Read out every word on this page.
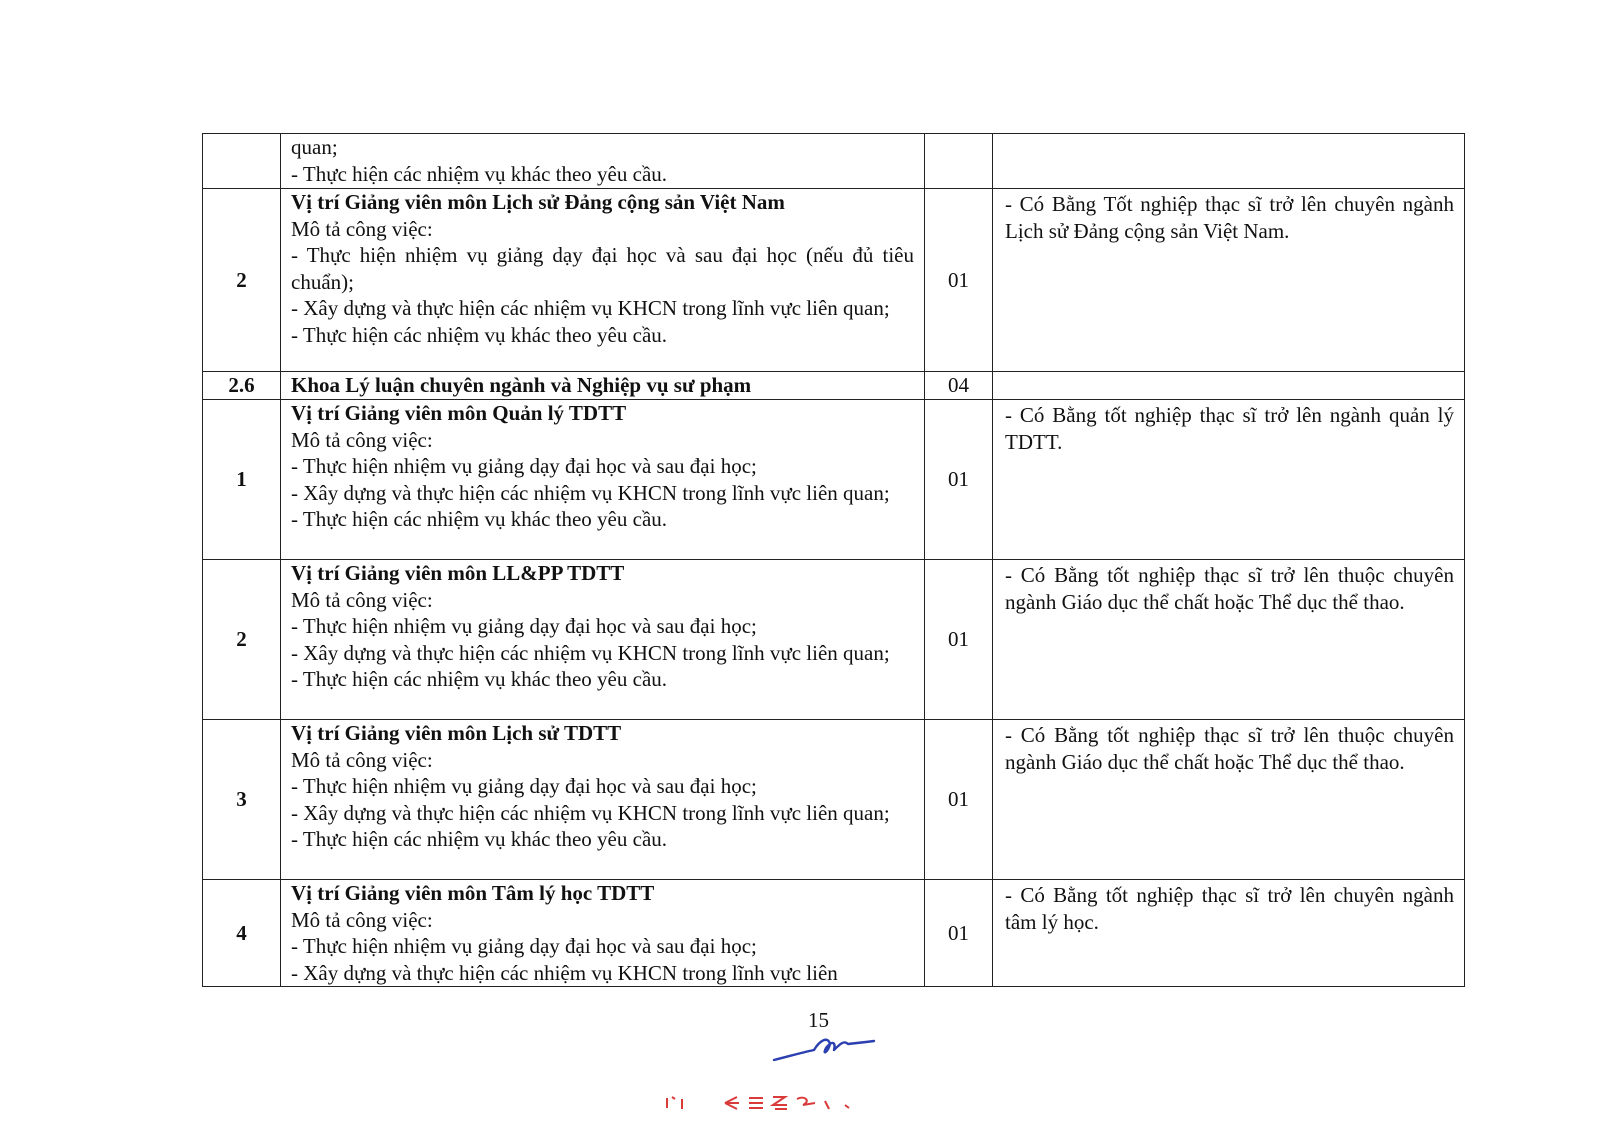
	quan;
- Thực hiện các nhiệm vụ khác theo yêu cầu.		

2	Vị trí Giảng viên môn Lịch sử Đảng cộng sản Việt Nam
Mô tả công việc:
- Thực hiện nhiệm vụ giảng dạy đại học và sau đại học (nếu đủ tiêu chuẩn);
- Xây dựng và thực hiện các nhiệm vụ KHCN trong lĩnh vực liên quan;
- Thực hiện các nhiệm vụ khác theo yêu cầu.	01	- Có Bằng Tốt nghiệp thạc sĩ trở lên chuyên ngành Lịch sử Đảng cộng sản Việt Nam.
2.6	Khoa Lý luận chuyên ngành và Nghiệp vụ sư phạm	04	
1	Vị trí Giảng viên môn Quản lý TDTT
Mô tả công việc:
- Thực hiện nhiệm vụ giảng dạy đại học và sau đại học;
- Xây dựng và thực hiện các nhiệm vụ KHCN trong lĩnh vực liên quan;
- Thực hiện các nhiệm vụ khác theo yêu cầu.	01	- Có Bằng tốt nghiệp thạc sĩ trở lên ngành quản lý TDTT.
2	Vị trí Giảng viên môn LL&PP TDTT
Mô tả công việc:
- Thực hiện nhiệm vụ giảng dạy đại học và sau đại học;
- Xây dựng và thực hiện các nhiệm vụ KHCN trong lĩnh vực liên quan;
- Thực hiện các nhiệm vụ khác theo yêu cầu.	01	- Có Bằng tốt nghiệp thạc sĩ trở lên thuộc chuyên ngành Giáo dục thể chất hoặc Thể dục thể thao.
3	Vị trí Giảng viên môn Lịch sử TDTT
Mô tả công việc:
- Thực hiện nhiệm vụ giảng dạy đại học và sau đại học;
- Xây dựng và thực hiện các nhiệm vụ KHCN trong lĩnh vực liên quan;
- Thực hiện các nhiệm vụ khác theo yêu cầu.	01	- Có Bằng tốt nghiệp thạc sĩ trở lên thuộc chuyên ngành Giáo dục thể chất hoặc Thể dục thể thao.
4	Vị trí Giảng viên môn Tâm lý học TDTT
Mô tả công việc:
- Thực hiện nhiệm vụ giảng dạy đại học và sau đại học;
- Xây dựng và thực hiện các nhiệm vụ KHCN trong lĩnh vực liên	01	- Có Bằng tốt nghiệp thạc sĩ trở lên chuyên ngành tâm lý học.
15
